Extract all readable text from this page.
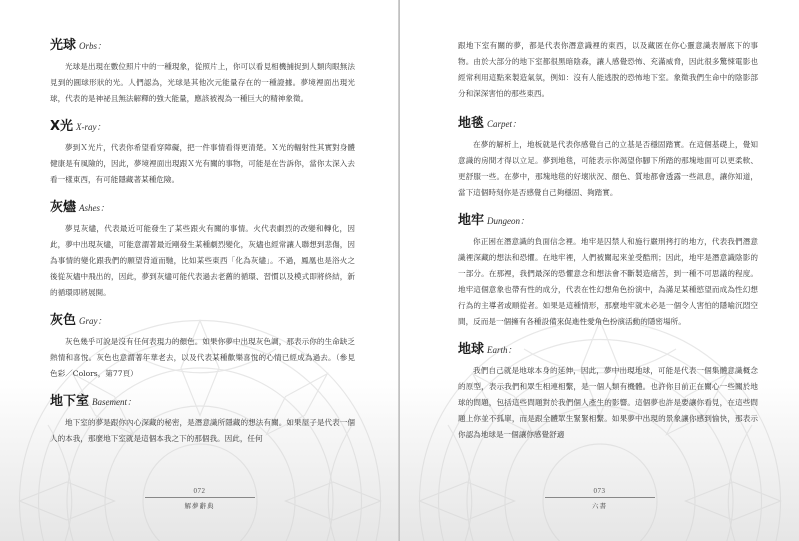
光球 Orbs：

光球是出現在數位照片中的一種現象，從照片上，你可以看見相機捕捉到人類肉眼無法見到的圓球形狀的光。人們認為，光球是其他次元能量存在的一種證據。夢境裡面出現光球，代表的是神祕且無法解釋的強大能量，應該被視為一種巨大的精神象徵。

X光 X-ray：

夢到Ｘ光片，代表你希望看穿障礙，把一件事情看得更清楚。Ｘ光的輻射性其實對身體健康是有風險的，因此，夢境裡面出現跟Ｘ光有關的事物，可能是在告訴你，當你太深入去看一樣東西，有可能隱藏著某種危險。

灰燼 Ashes：

夢見灰燼，代表最近可能發生了某些跟火有關的事情。火代表劇烈的改變和轉化，因此，夢中出現灰燼，可能意謂著最近剛發生某種劇烈變化，灰燼也經常讓人聯想到悲傷，因為事情的變化跟我們的願望背道而馳，比如某些東西「化為灰燼」。不過，鳳凰也是浴火之後從灰燼中飛出的，因此，夢到灰燼可能代表過去老舊的循環、習慣以及模式即將終結，新的循環即將展開。

灰色 Gray：

灰色幾乎可說是沒有任何表現力的顏色。如果你夢中出現灰色調，那表示你的生命缺乏熱情和喜悅。灰色也意謂著年華老去，以及代表某種歡樂喜悅的心情已經成為過去。（參見色彩／Colors，第77頁）

地下室 Basement：

地下室的夢是跟你內心深藏的秘密，是潛意識所隱藏的想法有關。如果屋子是代表一個人的本我，那麼地下室就是這個本我之下的那個我。因此，任何

072
解夢辭典

跟地下室有關的夢，都是代表你潛意識裡的東西，以及藏匿在你心靈意識表層底下的事物。由於大部分的地下室都很黑暗陰森，讓人感覺恐怖、充滿威脅，因此很多驚悚電影也經常利用這點來製造氣氛，例如：沒有人能逃脫的恐怖地下室。象徵我們生命中的陰影部分和深深害怕的那些東西。

地毯 Carpet：

在夢的解析上，地板就是代表你感覺自己的立基是否穩固踏實。在這個基礎上，覺知意識的房間才得以立足。夢到地毯，可能表示你渴望你腳下所踏的那塊地面可以更柔軟、更舒服一些。在夢中，那塊地毯的好壞狀況、顏色、質地都會透露一些訊息，讓你知道，當下這個時刻你是否感覺自己夠穩固、夠踏實。

地牢 Dungeon：

你正困在潛意識的負面信念裡。地牢是囚禁人和施行嚴刑拷打的地方，代表我們潛意識裡深藏的想法和恐懼。在地牢裡，人們被關起來並受酷刑；因此，地牢是潛意識陰影的一部分。在那裡，我們最深的恐懼意念和想法會不斷製造痛苦，到一種不可思議的程度。地牢這個意象也帶有性的成分，代表在性幻想角色扮演中，為滿足某種慾望而成為性幻想行為的主導者或順從者。如果是這種情形，那麼地牢就未必是一個令人害怕的隱喻沉悶空間，反而是一個擁有各種設備來促進性愛角色扮演活動的隱密場所。

地球 Earth：

我們自己就是地球本身的延伸，因此，夢中出現地球，可能是代表一個集體意識概念的原型，表示我們和眾生相連相繫，是一個人類有機體。也許你目前正在關心一些關於地球的問題，包括這些問題對於我們個人產生的影響。這個夢也許是要讓你看見，在這些問題上你並不孤單，而是跟全體眾生緊緊相繫。如果夢中出現的景象讓你感到愉快，那表示你認為地球是一個讓你感覺舒適

073
六書
